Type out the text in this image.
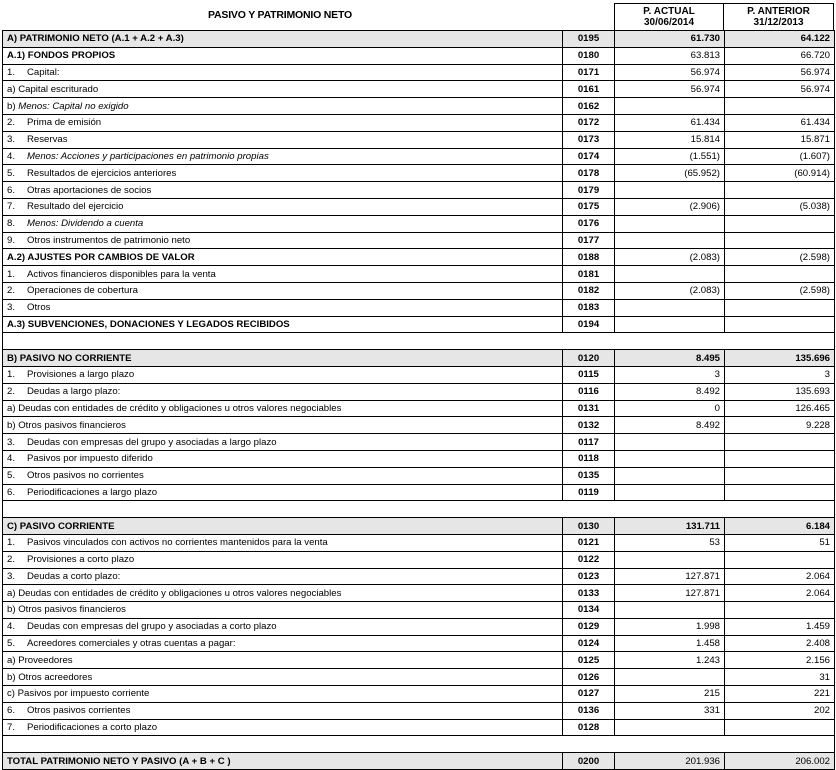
PASIVO Y PATRIMONIO NETO	P. ACTUAL
30/06/2014
P. ANTERIOR
31/12/2013
A) PATRIMONIO NETO (A.1 + A.2 + A.3)	0195	61.730	64.122
A.1) FONDOS PROPIOS	0180	63.813	66.720
1. Capital:	0171	56.974	56.974
a) Capital escriturado	0161	56.974	56.974
b) Menos: Capital no exigido	0162		
2. Prima de emisión	0172	61.434	61.434
3. Reservas	0173	15.814	15.871
4. Menos: Acciones y participaciones en patrimonio propias	0174	(1.551)	(1.607)
5. Resultados de ejercicios anteriores	0178	(65.952)	(60.914)
6. Otras aportaciones de socios	0179		
7. Resultado del ejercicio	0175	(2.906)	(5.038)
8. Menos: Dividendo a cuenta	0176		
9. Otros instrumentos de patrimonio neto	0177		
A.2) AJUSTES POR CAMBIOS DE VALOR	0188	(2.083)	(2.598)
1. Activos financieros disponibles para la venta	0181		
2. Operaciones de cobertura	0182	(2.083)	(2.598)
3. Otros	0183		
A.3) SUBVENCIONES, DONACIONES Y LEGADOS RECIBIDOS	0194		

B) PASIVO NO CORRIENTE	0120	8.495	135.696
1. Provisiones a largo plazo	0115	3	3
2. Deudas a largo plazo:	0116	8.492	135.693
a) Deudas con entidades de crédito y obligaciones u otros valores negociables	0131	0	126.465
b) Otros pasivos financieros	0132	8.492	9.228
3. Deudas con empresas del grupo y asociadas a largo plazo	0117		
4. Pasivos por impuesto diferido	0118		
5. Otros pasivos no corrientes	0135		
6. Periodificaciones a largo plazo	0119		

C) PASIVO CORRIENTE	0130	131.711	6.184
1. Pasivos vinculados con activos no corrientes mantenidos para la venta	0121	53	51
2. Provisiones a corto plazo	0122		
3. Deudas a corto plazo:	0123	127.871	2.064
a) Deudas con entidades de crédito y obligaciones u otros valores negociables	0133	127.871	2.064
b) Otros pasivos financieros	0134		
4. Deudas con empresas del grupo y asociadas a corto plazo	0129	1.998	1.459
5. Acreedores comerciales y otras cuentas a pagar:	0124	1.458	2.408
a) Proveedores	0125	1.243	2.156
b) Otros acreedores	0126		31
c) Pasivos por impuesto corriente	0127	215	221
6. Otros pasivos corrientes	0136	331	202
7. Periodificaciones a corto plazo	0128		

TOTAL PATRIMONIO NETO Y PASIVO (A + B + C )	0200	201.936	206.002
